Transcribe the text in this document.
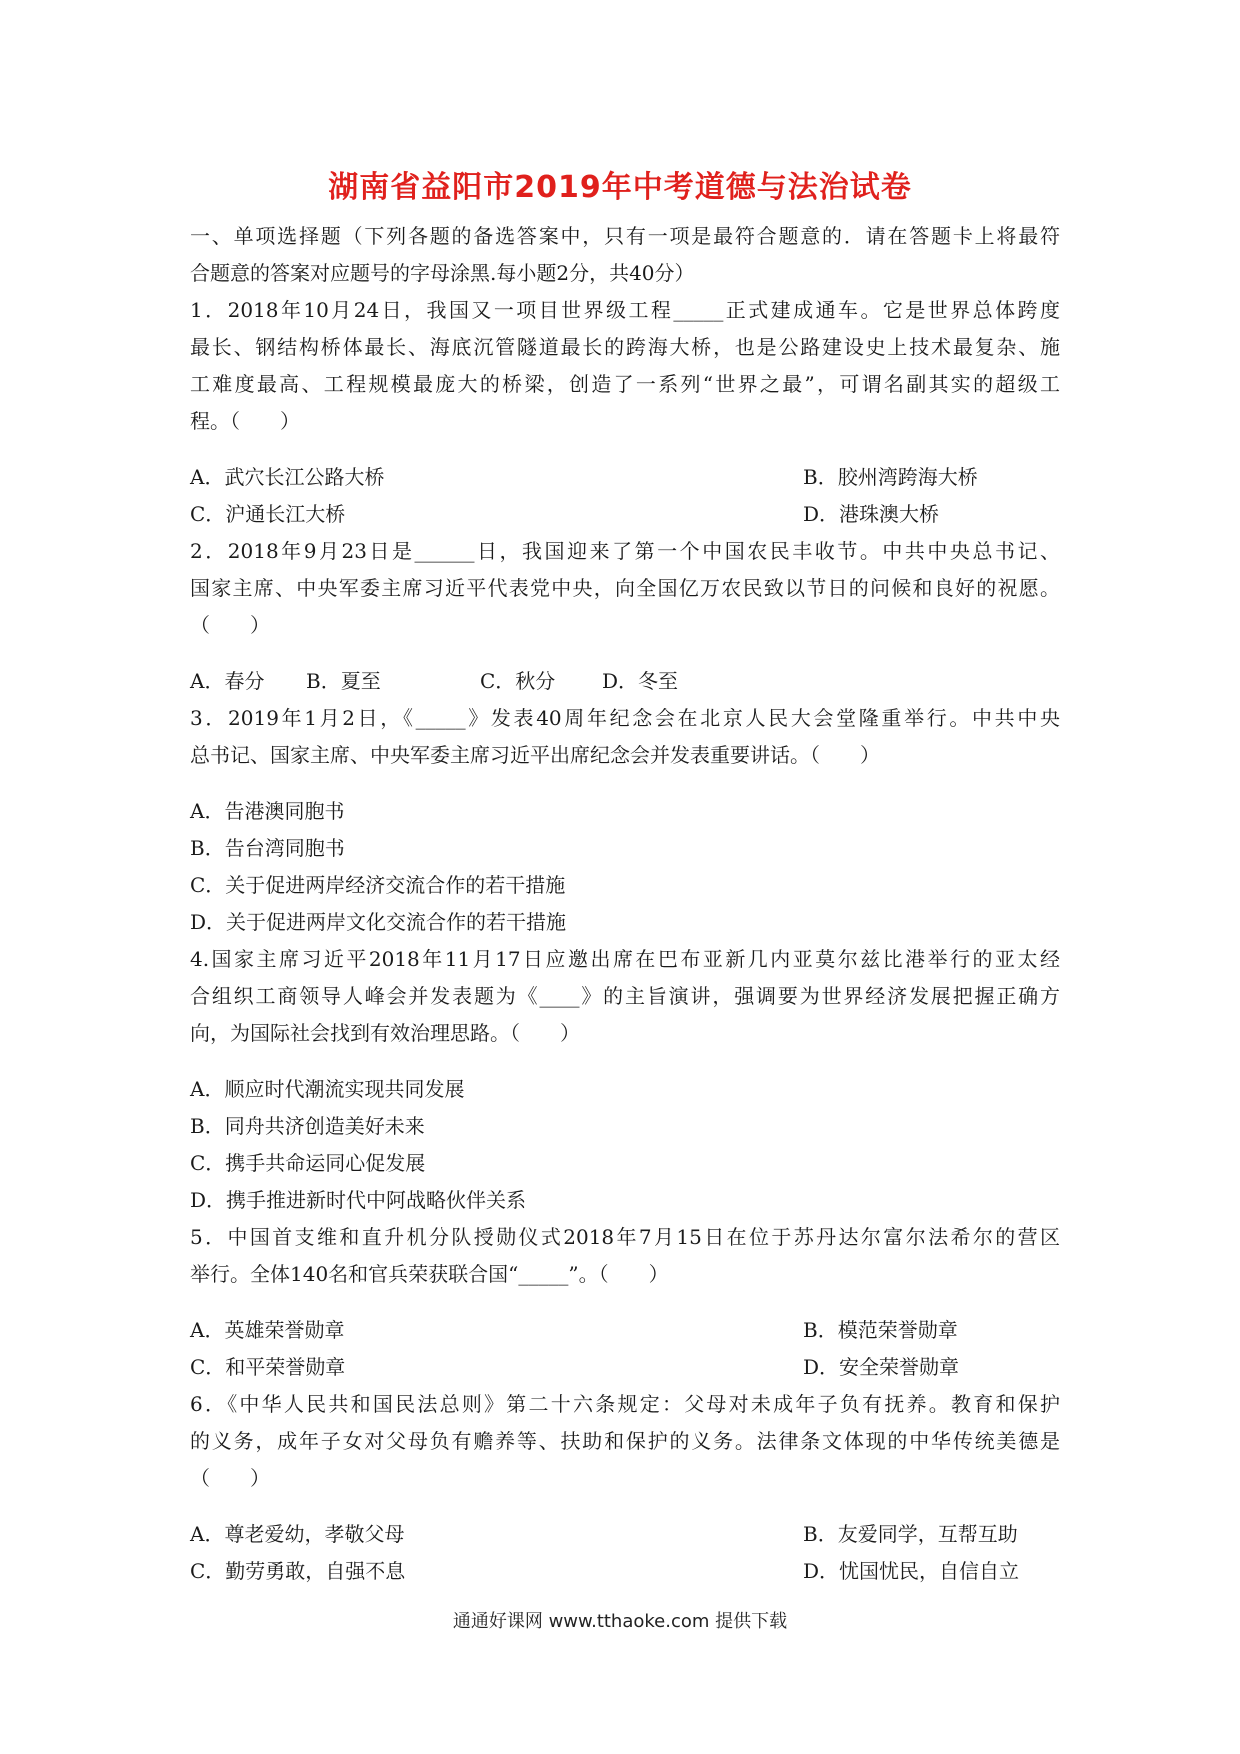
湖南省益阳市2019年中考道德与法治试卷
一、单项选择题（下列各题的备选答案中，只有一项是最符合题意的．请在答题卡上将最符
合题意的答案对应题号的字母涂黑.每小题2分，共40分）
1．2018年10月24日，我国又一项目世界级工程_____正式建成通车。它是世界总体跨度
最长、钢结构桥体最长、海底沉管隧道最长的跨海大桥，也是公路建设史上技术最复杂、施
工难度最高、工程规模最庞大的桥梁，创造了一系列“世界之最”，可谓名副其实的超级工
程。（　　）
A．武穴长江公路大桥	B．胶州湾跨海大桥
C．沪通长江大桥	D．港珠澳大桥
2．2018年9月23日是______日，我国迎来了第一个中国农民丰收节。中共中央总书记、
国家主席、中央军委主席习近平代表党中央，向全国亿万农民致以节日的问候和良好的祝愿。
（　　）
A．春分 B．夏至	C．秋分 D．冬至
3．2019年1月2日，《_____》发表40周年纪念会在北京人民大会堂隆重举行。中共中央
总书记、国家主席、中央军委主席习近平出席纪念会并发表重要讲话。（　　）
A．告港澳同胞书
B．告台湾同胞书
C．关于促进两岸经济交流合作的若干措施
D．关于促进两岸文化交流合作的若干措施
4.国家主席习近平2018年11月17日应邀出席在巴布亚新几内亚莫尔兹比港举行的亚太经
合组织工商领导人峰会并发表题为《____》的主旨演讲，强调要为世界经济发展把握正确方
向，为国际社会找到有效治理思路。（　　）
A．顺应时代潮流实现共同发展
B．同舟共济创造美好未来
C．携手共命运同心促发展
D．携手推进新时代中阿战略伙伴关系
5．中国首支维和直升机分队授勋仪式2018年7月15日在位于苏丹达尔富尔法希尔的营区
举行。全体140名和官兵荣获联合国“_____”。（　　）
A．英雄荣誉勋章	B．模范荣誉勋章
C．和平荣誉勋章	D．安全荣誉勋章
6．《中华人民共和国民法总则》第二十六条规定：父母对未成年子负有抚养。教育和保护
的义务，成年子女对父母负有赡养等、扶助和保护的义务。法律条文体现的中华传统美德是
（　　）
A．尊老爱幼，孝敬父母	B．友爱同学，互帮互助
C．勤劳勇敢，自强不息	D．忧国忧民，自信自立
通通好课网 www.tthaoke.com 提供下载
